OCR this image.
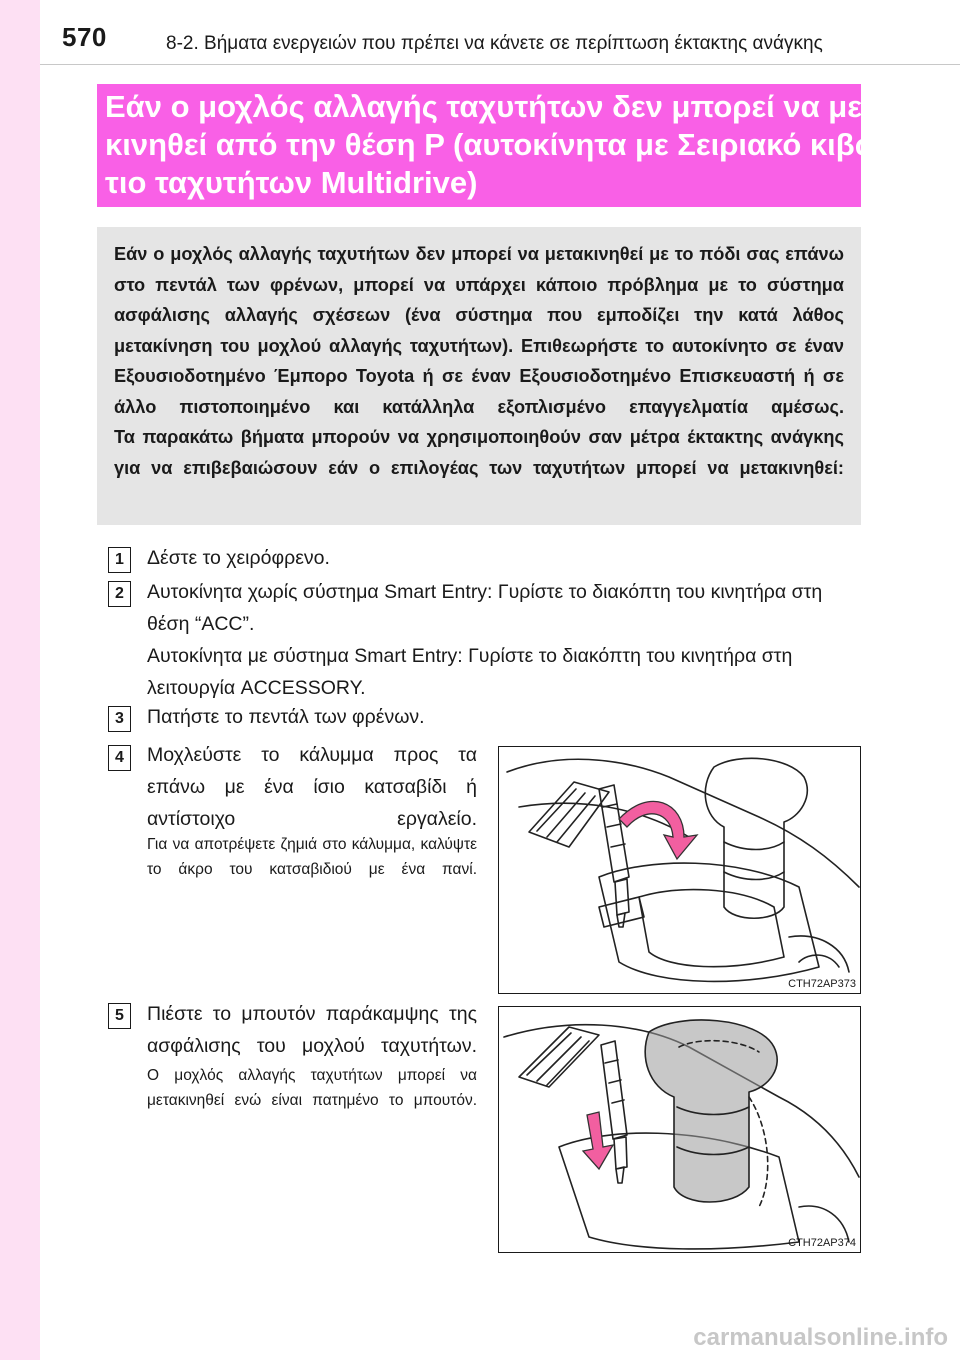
570	8-2. Βήματα ενεργειών που πρέπει να κάνετε σε περίπτωση έκτακτης ανάγκης
Εάν ο μοχλός αλλαγής ταχυτήτων δεν μπορεί να μετα-
κινηθεί από την θέση P (αυτοκίνητα με Σειριακό κιβώ-
τιο ταχυτήτων Multidrive)

Εάν ο μοχλός αλλαγής ταχυτήτων δεν μπορεί να μετακινηθεί με το πόδι σας επάνω στο πεντάλ των φρένων, μπορεί να υπάρχει κάποιο πρόβλημα με το σύστημα ασφάλισης αλλαγής σχέσεων (ένα σύστημα που εμποδίζει την κατά λάθος μετακίνηση του μοχλού αλλαγής ταχυτήτων). Επιθεωρήστε το αυτοκίνητο σε έναν Εξουσιοδοτημένο Έμπορο Toyota ή σε έναν Εξουσιοδοτημένο Επισκευαστή ή σε άλλο πιστοποιημένο και κατάλληλα εξοπλισμένο επαγγελματία αμέσως.

Τα παρακάτω βήματα μπορούν να χρησιμοποιηθούν σαν μέτρα έκτακτης ανάγκης για να επιβεβαιώσουν εάν ο επιλογέας των ταχυτήτων μπορεί να μετακινηθεί:

1	Δέστε το χειρόφρενο.
2	Αυτοκίνητα χωρίς σύστημα Smart Entry: Γυρίστε το διακόπτη του κινητήρα στη θέση “ACC”.
Αυτοκίνητα με σύστημα Smart Entry: Γυρίστε το διακόπτη του κινητήρα στη λειτουργία ACCESSORY.
3	Πατήστε το πεντάλ των φρένων.
4	Μοχλεύστε το κάλυμμα προς τα επάνω με ένα ίσιο κατσαβίδι ή αντίστοιχο εργαλείο.
Για να αποτρέψετε ζημιά στο κάλυμμα, καλύψτε το άκρο του κατσαβιδιού με ένα πανί.
CTH72AP373
5	Πιέστε το μπουτόν παράκαμψης της ασφάλισης του μοχλού ταχυτήτων.
Ο μοχλός αλλαγής ταχυτήτων μπορεί να μετακινηθεί ενώ είναι πατημένο το μπουτόν.
CTH72AP374
carmanualsonline.info
